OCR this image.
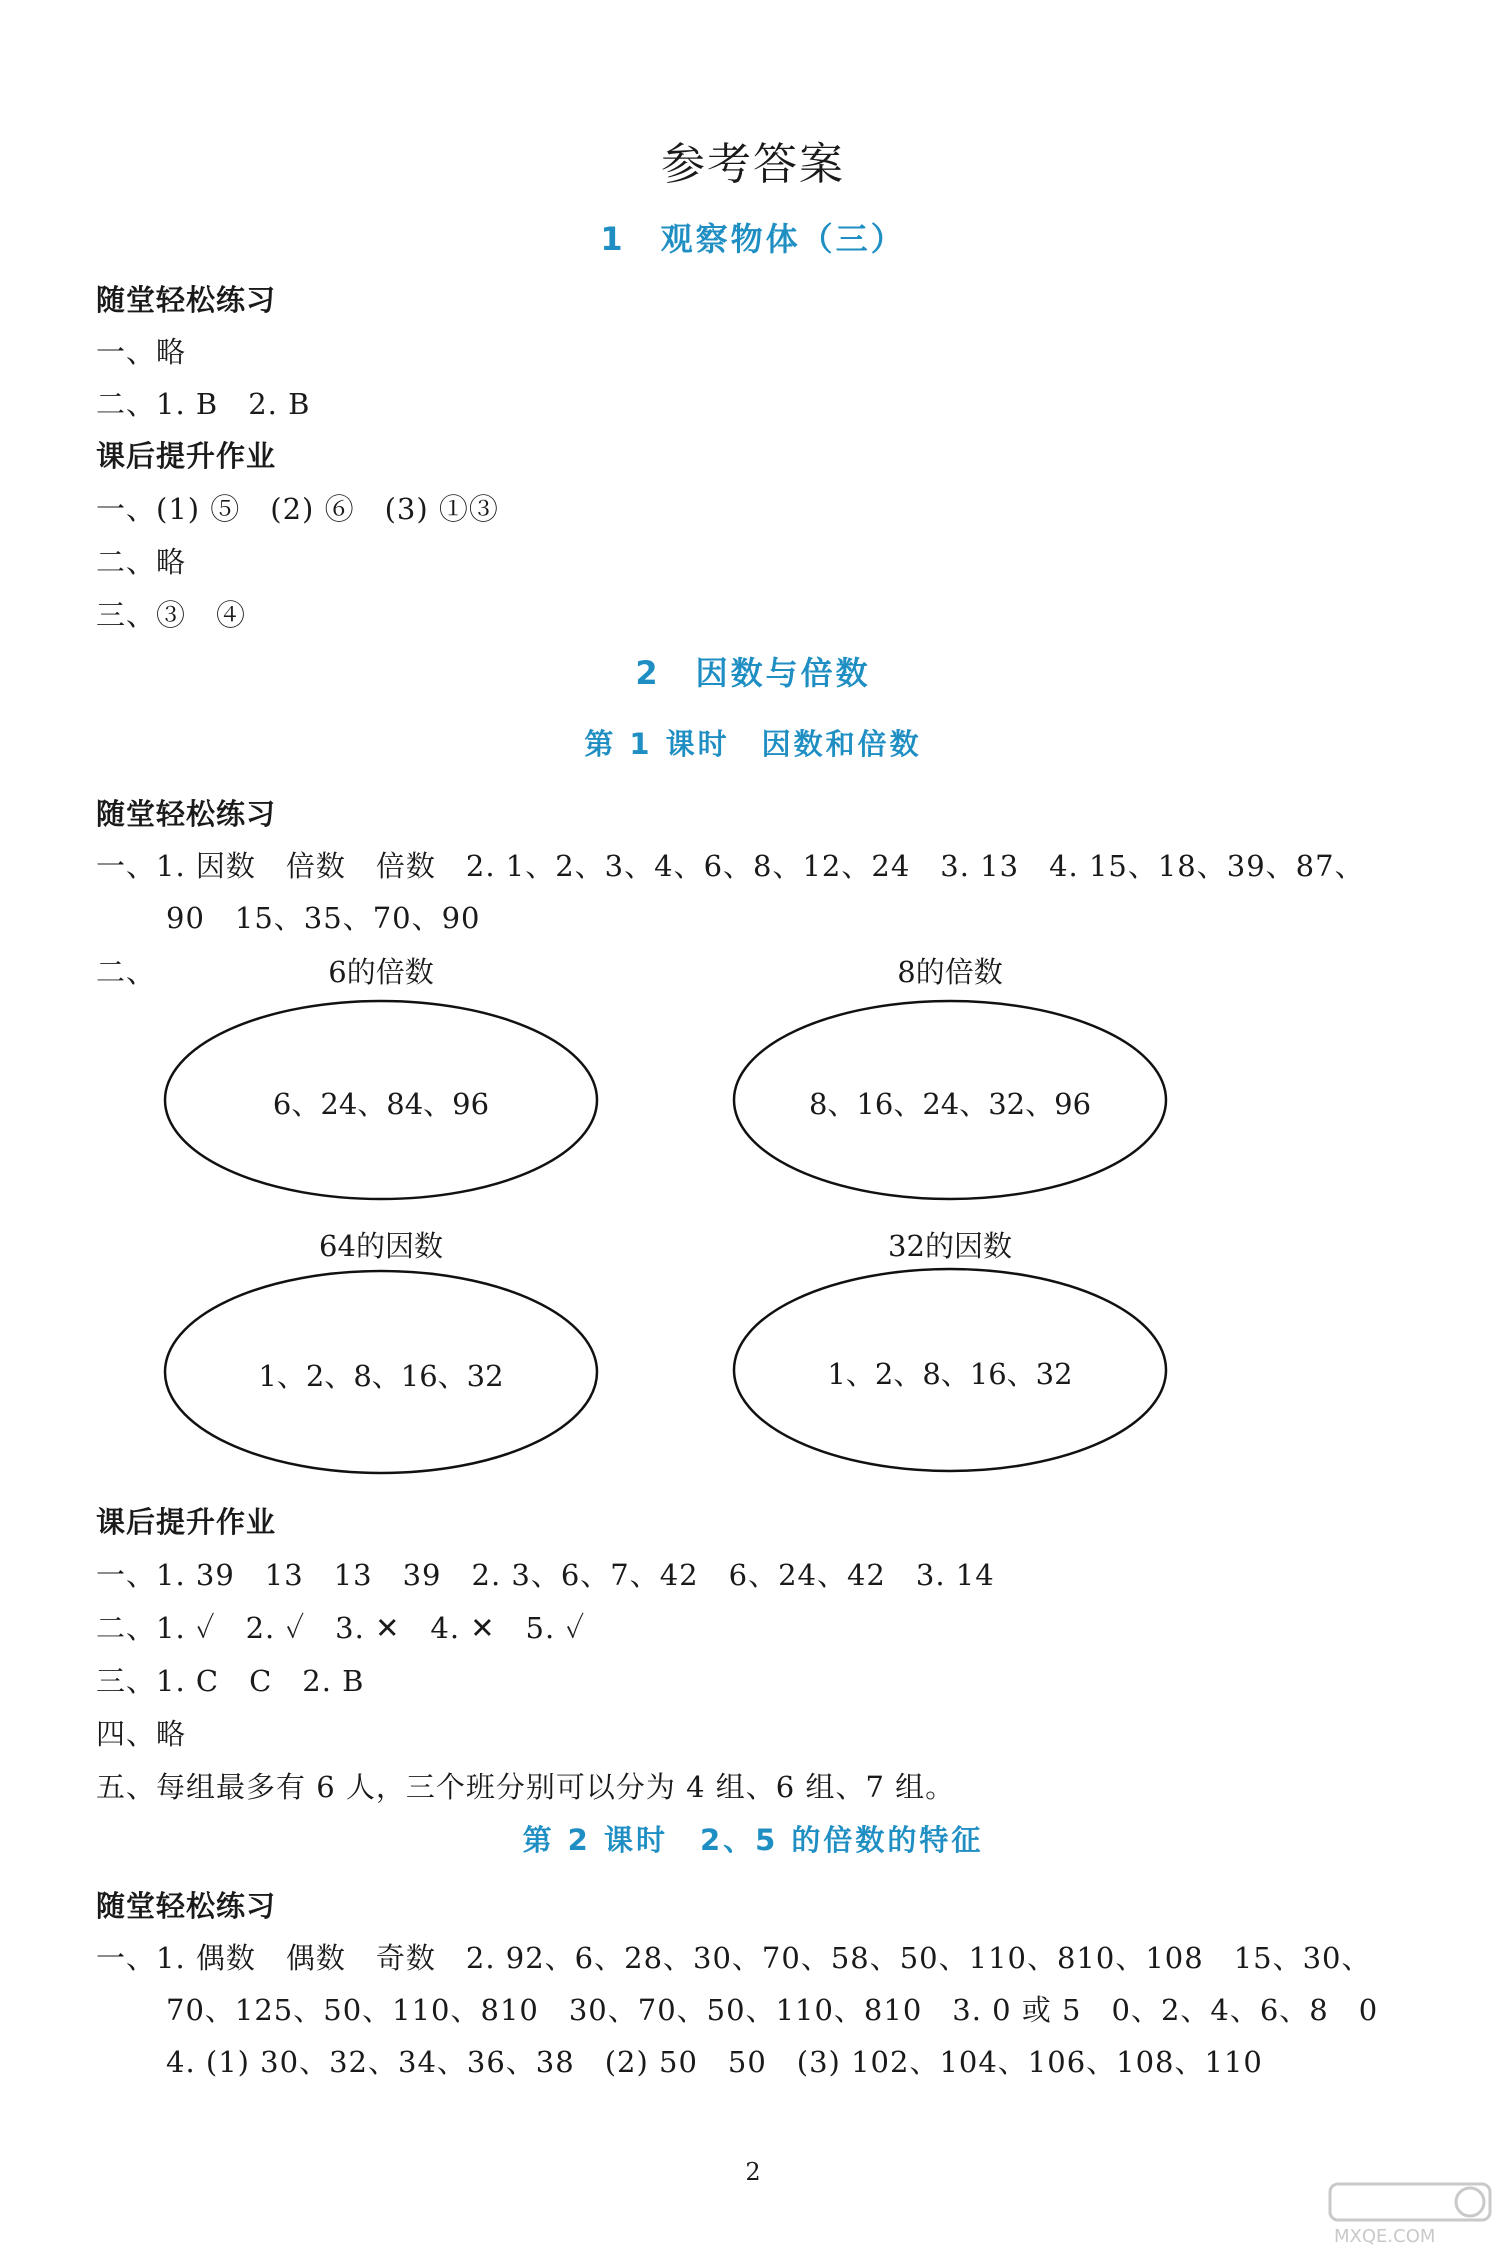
参考答案
1　观察物体（三）
随堂轻松练习
一、略
二、1. B　2. B
课后提升作业
一、(1) ⑤　(2) ⑥　(3) ①③
二、略
三、③　④
2　因数与倍数
第 1 课时　因数和倍数
随堂轻松练习
一、1. 因数　倍数　倍数　2. 1、2、3、4、6、8、12、24　3. 13　4. 15、18、39、87、
90　15、35、70、90
二、	6的倍数	8的倍数
6、24、84、96	8、16、24、32、96
64的因数	32的因数
1、2、8、16、32	1、2、8、16、32
课后提升作业
一、1. 39　13　13　39　2. 3、6、7、42　6、24、42　3. 14
二、1. ✓　2. ✓　3. ✕　4. ✕　5. ✓
三、1. C　C　2. B
四、略
五、每组最多有 6 人，三个班分别可以分为 4 组、6 组、7 组。
第 2 课时　2、5 的倍数的特征
随堂轻松练习
一、1. 偶数　偶数　奇数　2. 92、6、28、30、70、58、50、110、810、108　15、30、
70、125、50、110、810　30、70、50、110、810　3. 0 或 5　0、2、4、6、8　0
4. (1) 30、32、34、36、38　(2) 50　50　(3) 102、104、106、108、110
2
MXQE.COM
